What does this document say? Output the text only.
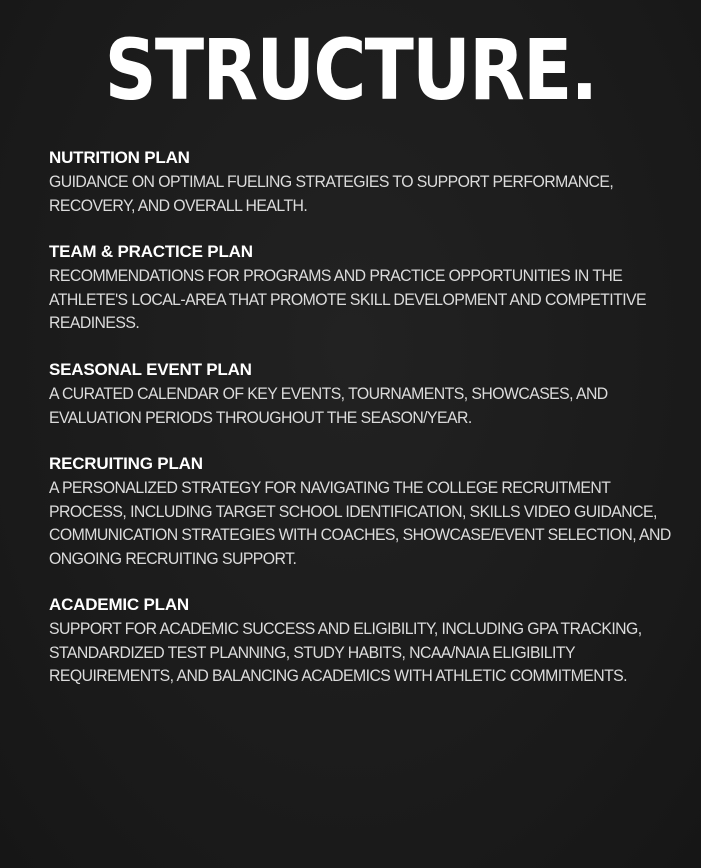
STRUCTURE.
NUTRITION PLAN
GUIDANCE ON OPTIMAL FUELING STRATEGIES TO SUPPORT PERFORMANCE,
RECOVERY, AND OVERALL HEALTH.
TEAM & PRACTICE PLAN
RECOMMENDATIONS FOR PROGRAMS AND PRACTICE OPPORTUNITIES IN THE
ATHLETE'S LOCAL-AREA THAT PROMOTE SKILL DEVELOPMENT AND COMPETITIVE
READINESS.
SEASONAL EVENT PLAN
A CURATED CALENDAR OF KEY EVENTS, TOURNAMENTS, SHOWCASES, AND
EVALUATION PERIODS THROUGHOUT THE SEASON/YEAR.
RECRUITING PLAN
A PERSONALIZED STRATEGY FOR NAVIGATING THE COLLEGE RECRUITMENT
PROCESS, INCLUDING TARGET SCHOOL IDENTIFICATION, SKILLS VIDEO GUIDANCE,
COMMUNICATION STRATEGIES WITH COACHES, SHOWCASE/EVENT SELECTION, AND
ONGOING RECRUITING SUPPORT.
ACADEMIC PLAN
SUPPORT FOR ACADEMIC SUCCESS AND ELIGIBILITY, INCLUDING GPA TRACKING,
STANDARDIZED TEST PLANNING, STUDY HABITS, NCAA/NAIA ELIGIBILITY
REQUIREMENTS, AND BALANCING ACADEMICS WITH ATHLETIC COMMITMENTS.
